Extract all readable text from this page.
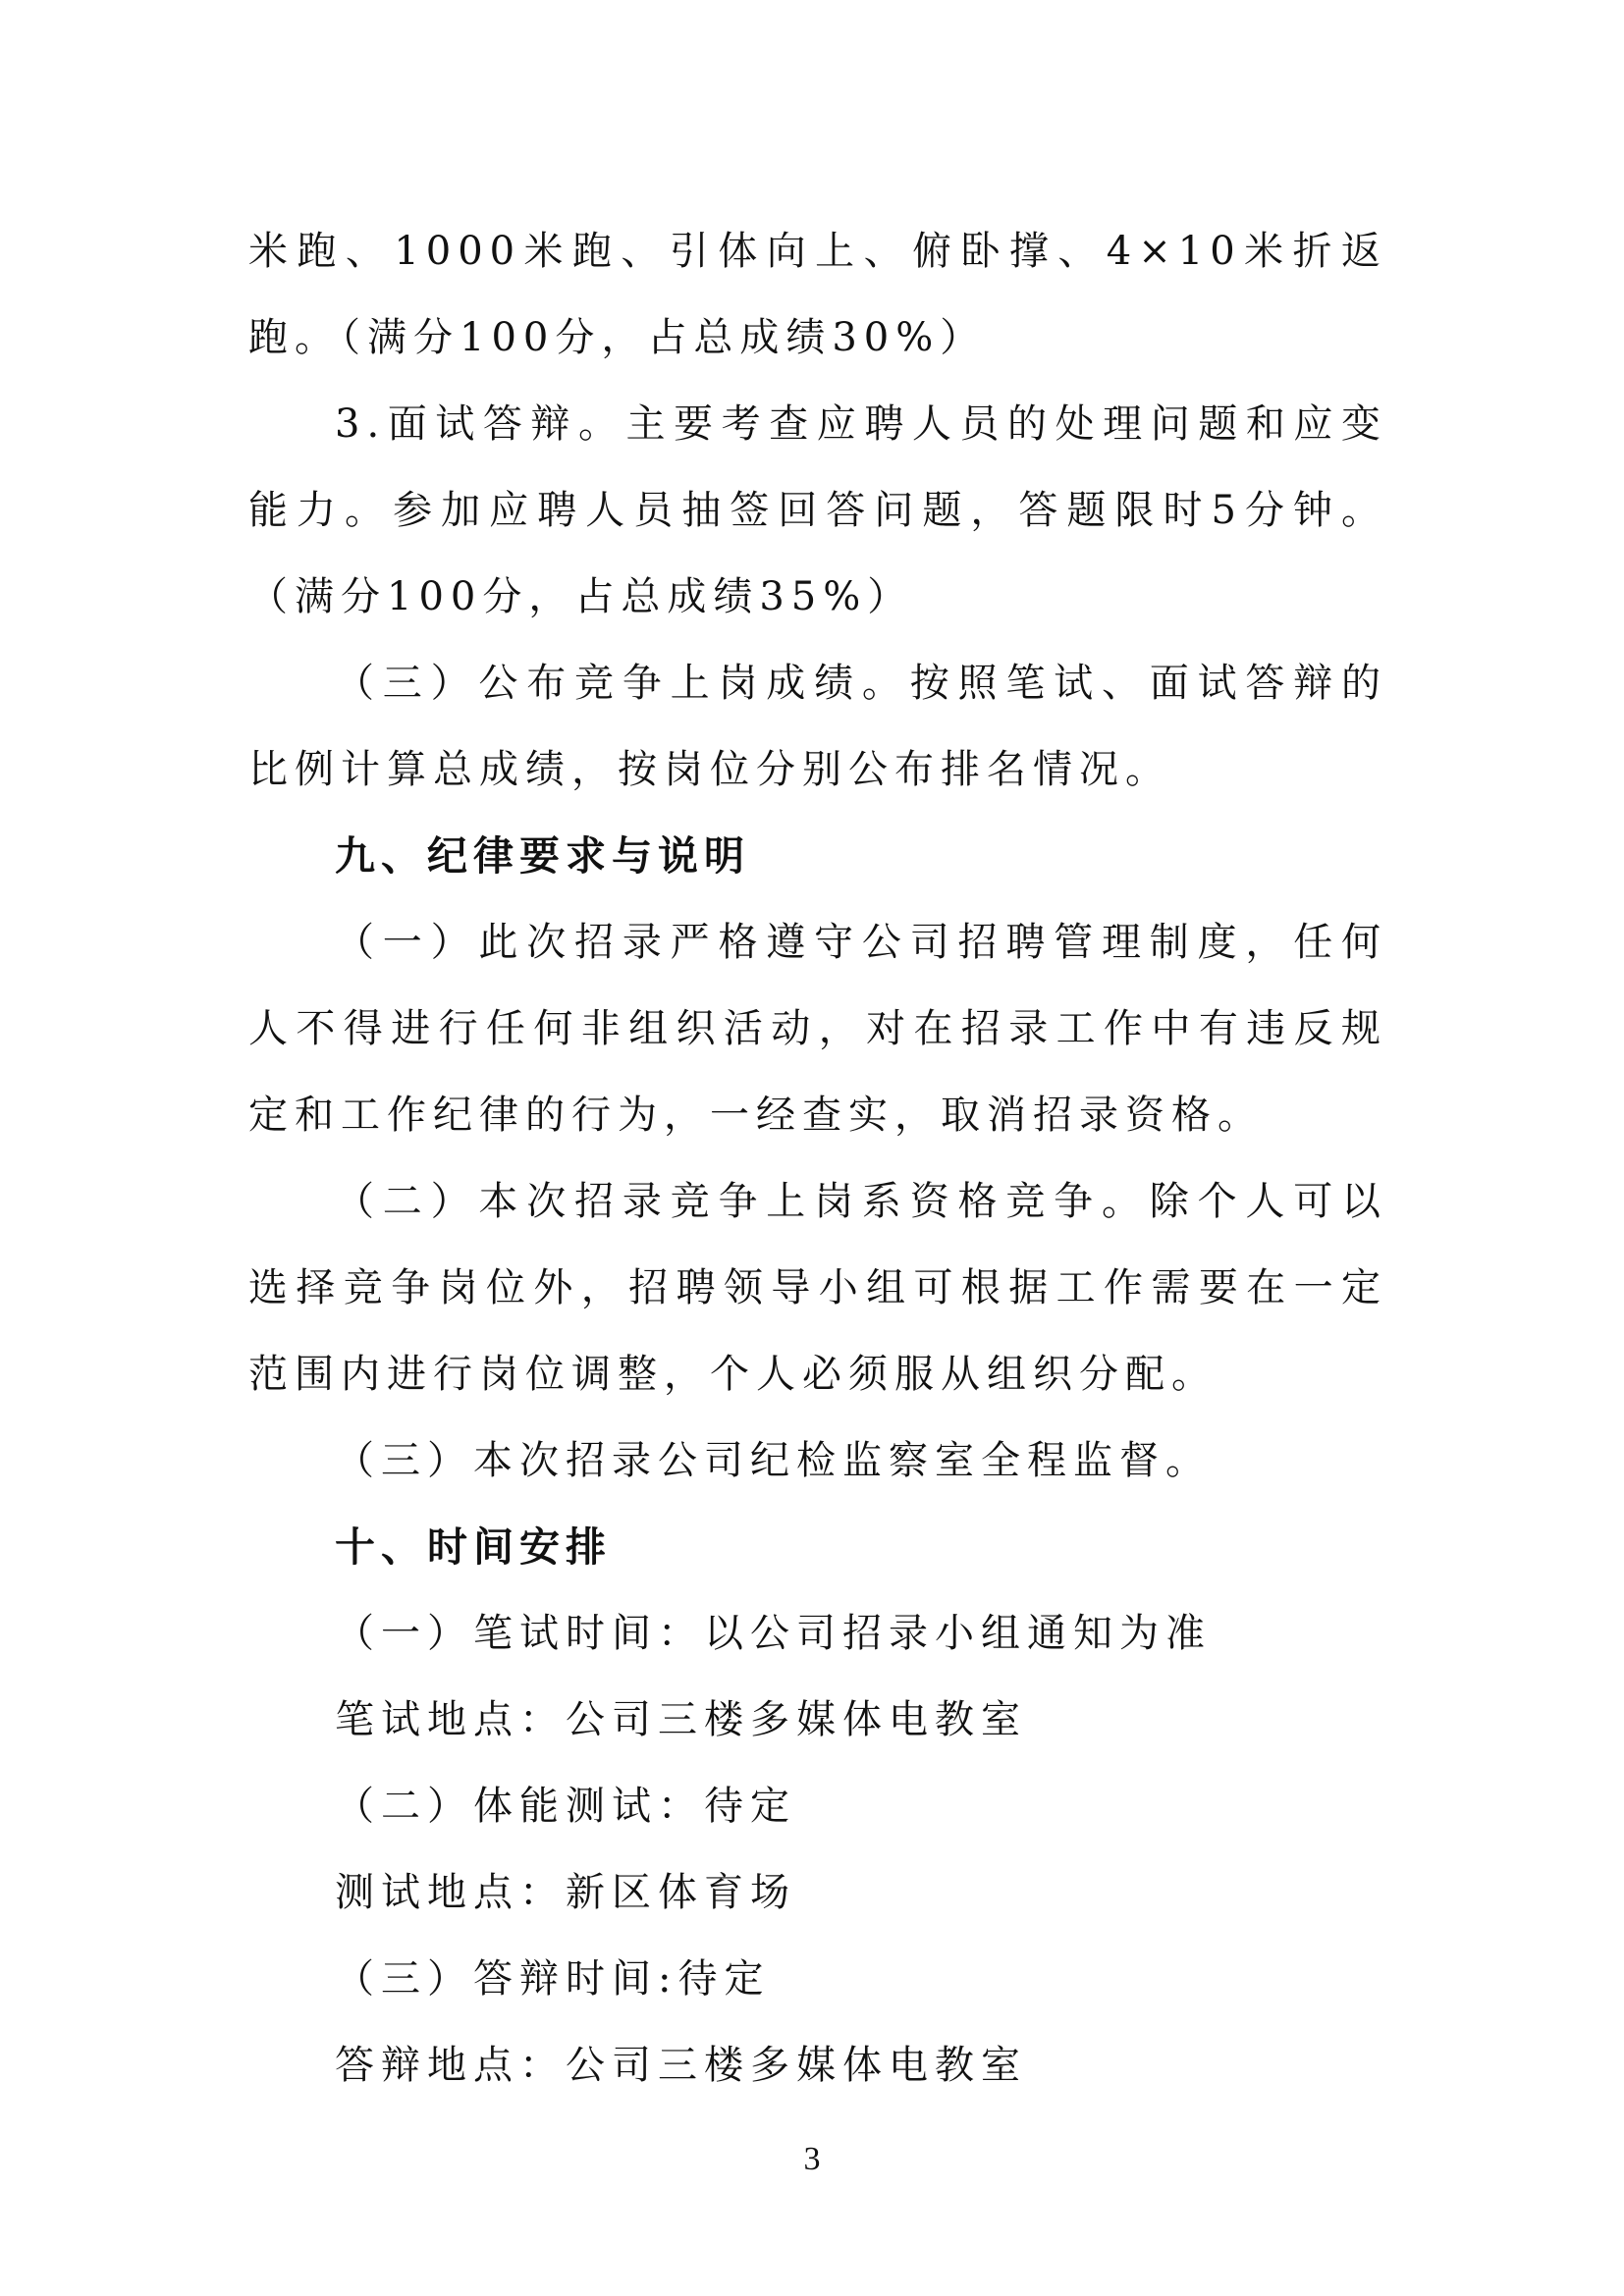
米跑、1000米跑、引体向上、俯卧撑、4×10米折返跑。（满分100分，占总成绩30%）

3.面试答辩。主要考查应聘人员的处理问题和应变能力。参加应聘人员抽签回答问题，答题限时5分钟。（满分100分，占总成绩35%）

（三）公布竞争上岗成绩。按照笔试、面试答辩的比例计算总成绩，按岗位分别公布排名情况。

九、纪律要求与说明

（一）此次招录严格遵守公司招聘管理制度，任何人不得进行任何非组织活动，对在招录工作中有违反规定和工作纪律的行为，一经查实，取消招录资格。

（二）本次招录竞争上岗系资格竞争。除个人可以选择竞争岗位外，招聘领导小组可根据工作需要在一定范围内进行岗位调整，个人必须服从组织分配。

（三）本次招录公司纪检监察室全程监督。

十、时间安排

（一）笔试时间：以公司招录小组通知为准

笔试地点：公司三楼多媒体电教室

（二）体能测试：待定

测试地点：新区体育场

（三）答辩时间:待定

答辩地点：公司三楼多媒体电教室

3
